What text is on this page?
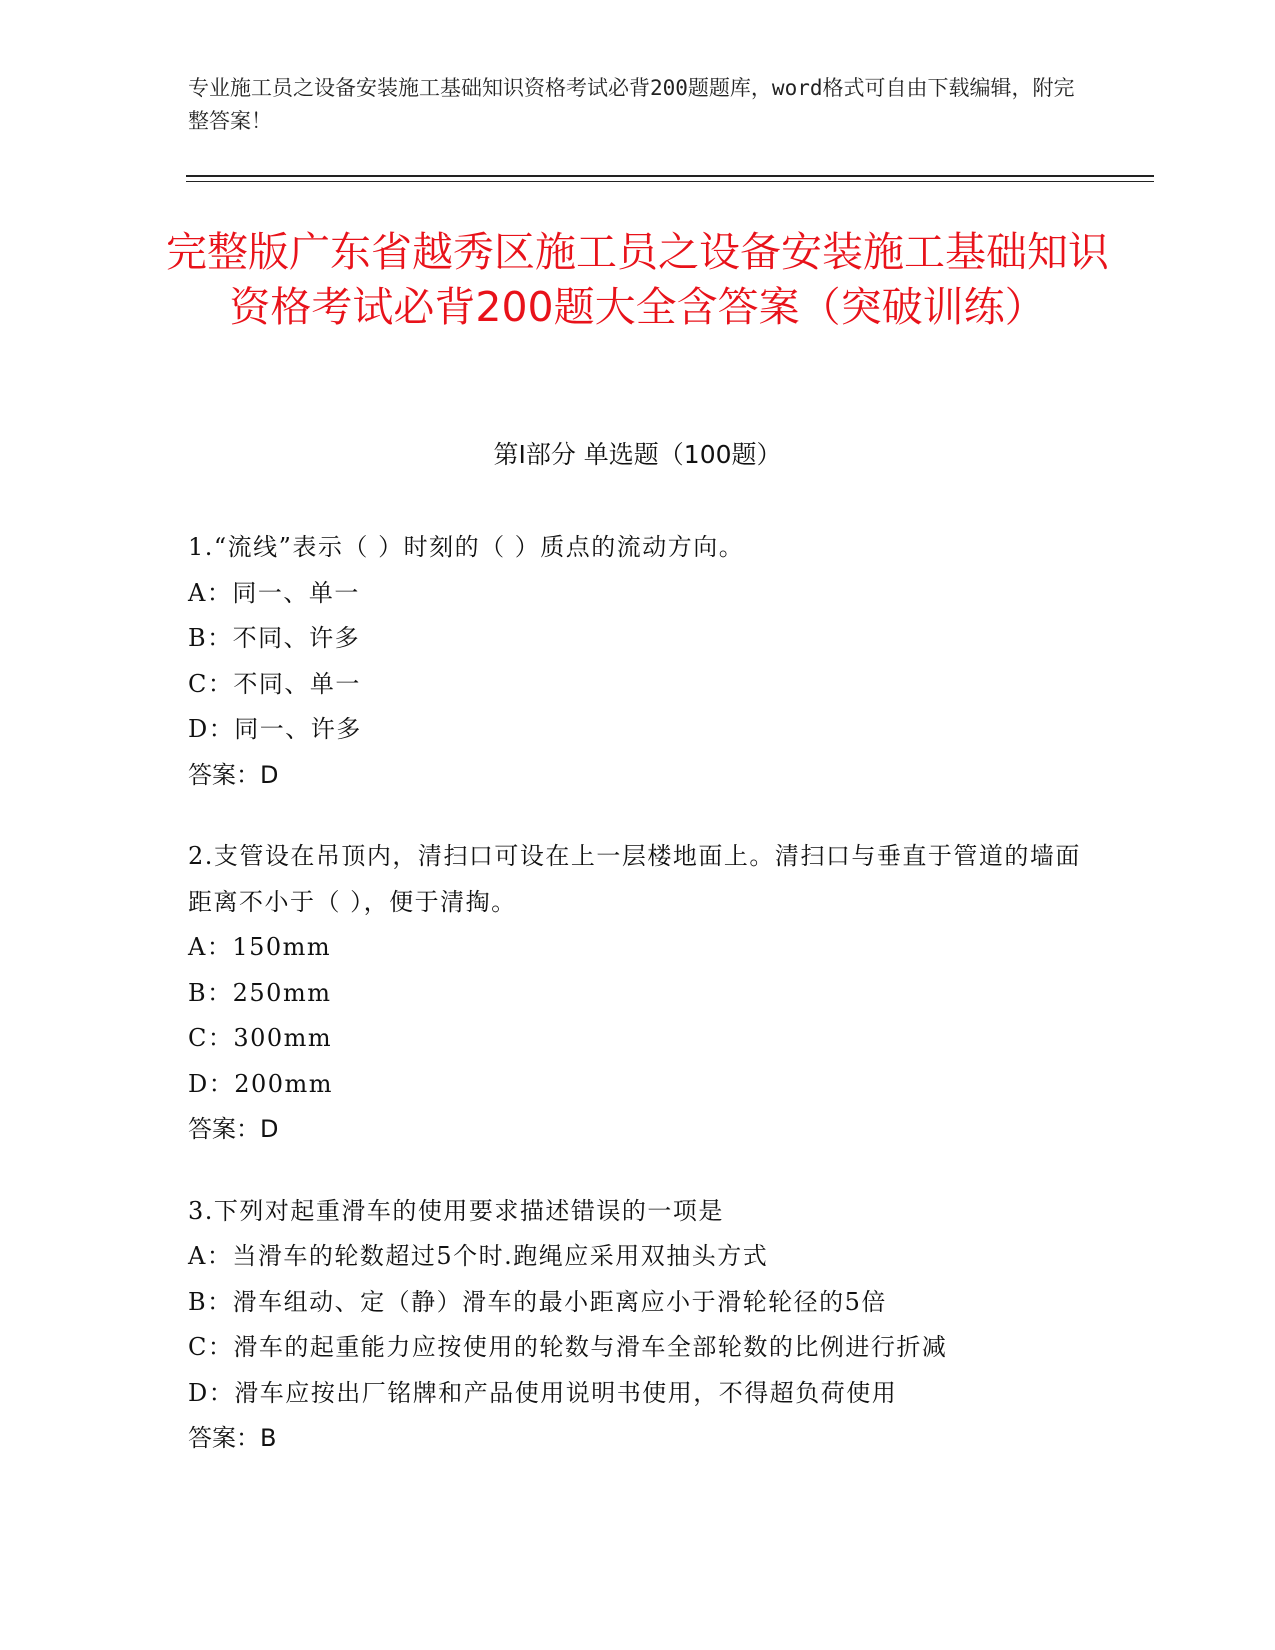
专业施工员之设备安装施工基础知识资格考试必背200题题库，word格式可自由下载编辑，附完整答案！

完整版广东省越秀区施工员之设备安装施工基础知识资格考试必背200题大全含答案（突破训练）
第Ⅰ部分 单选题（100题）

1.“流线”表示（ ）时刻的（ ）质点的流动方向。

A：同一、单一

B：不同、许多

C：不同、单一

D：同一、许多

答案：D

2.支管设在吊顶内，清扫口可设在上一层楼地面上。清扫口与垂直于管道的墙面距离不小于（ ），便于清掏。

A：150mm

B：250mm

C：300mm

D：200mm

答案：D

3.下列对起重滑车的使用要求描述错误的一项是

A：当滑车的轮数超过5个时.跑绳应采用双抽头方式

B：滑车组动、定（静）滑车的最小距离应小于滑轮轮径的5倍

C：滑车的起重能力应按使用的轮数与滑车全部轮数的比例进行折减

D：滑车应按出厂铭牌和产品使用说明书使用，不得超负荷使用

答案：B
